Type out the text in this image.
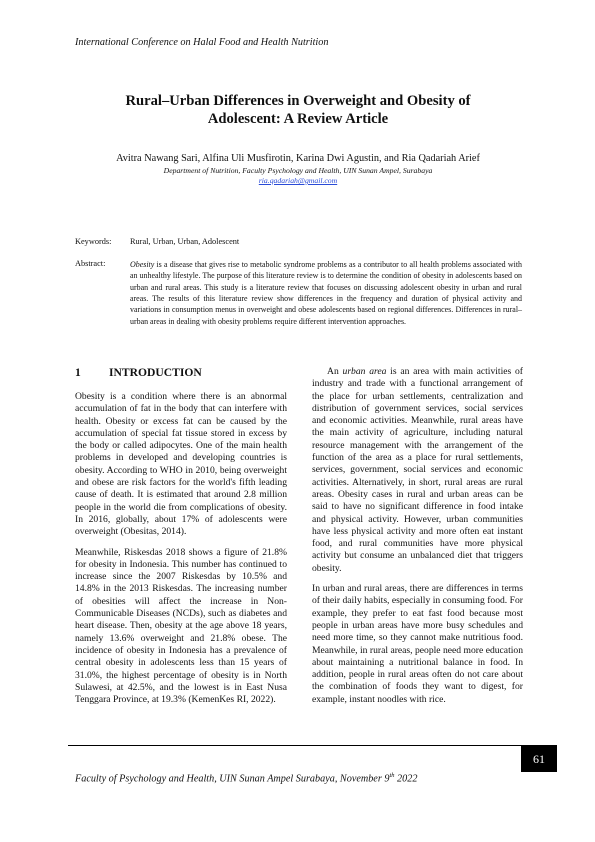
International Conference on Halal Food and Health Nutrition
Rural–Urban Differences in Overweight and Obesity of
Adolescent: A Review Article
Avitra Nawang Sari, Alfina Uli Musfirotin, Karina Dwi Agustin, and Ria Qadariah Arief
Department of Nutrition, Faculty Psychology and Health, UIN Sunan Ampel, Surabaya
ria.qadariah@gmail.com
Keywords: Rural, Urban, Urban, Adolescent
Abstract:	Obesity is a disease that gives rise to metabolic syndrome problems as a contributor to all health problems associated with an unhealthy lifestyle. The purpose of this literature review is to determine the condition of obesity in adolescents based on urban and rural areas. This study is a literature review that focuses on discussing adolescent obesity in urban and rural areas. The results of this literature review show differences in the frequency and duration of physical activity and variations in consumption menus in overweight and obese adolescents based on regional differences. Differences in rural–urban areas in dealing with obesity problems require different intervention approaches.
1 INTRODUCTION

Obesity is a condition where there is an abnormal accumulation of fat in the body that can interfere with health. Obesity or excess fat can be caused by the accumulation of special fat tissue stored in excess by the body or called adipocytes. One of the main health problems in developed and developing countries is obesity. According to WHO in 2010, being overweight and obese are risk factors for the world's fifth leading cause of death. It is estimated that around 2.8 million people in the world die from complications of obesity. In 2016, globally, about 17% of adolescents were overweight (Obesitas, 2014).

Meanwhile, Riskesdas 2018 shows a figure of 21.8% for obesity in Indonesia. This number has continued to increase since the 2007 Riskesdas by 10.5% and 14.8% in the 2013 Riskesdas. The increasing number of obesities will affect the increase in Non-Communicable Diseases (NCDs), such as diabetes and heart disease. Then, obesity at the age above 18 years, namely 13.6% overweight and 21.8% obese. The incidence of obesity in Indonesia has a prevalence of central obesity in adolescents less than 15 years of 31.0%, the highest percentage of obesity is in North Sulawesi, at 42.5%, and the lowest is in East Nusa Tenggara Province, at 19.3% (KemenKes RI, 2022).

An urban area is an area with main activities of industry and trade with a functional arrangement of the place for urban settlements, centralization and distribution of government services, social services and economic activities. Meanwhile, rural areas have the main activity of agriculture, including natural resource management with the arrangement of the function of the area as a place for rural settlements, services, government, social services and economic activities. Alternatively, in short, rural areas are rural areas. Obesity cases in rural and urban areas can be said to have no significant difference in food intake and physical activity. However, urban communities have less physical activity and more often eat instant food, and rural communities have more physical activity but consume an unbalanced diet that triggers obesity.

In urban and rural areas, there are differences in terms of their daily habits, especially in consuming food. For example, they prefer to eat fast food because most people in urban areas have more busy schedules and need more time, so they cannot make nutritious food. Meanwhile, in rural areas, people need more education about maintaining a nutritional balance in food. In addition, people in rural areas often do not care about the combination of foods they want to digest, for example, instant noodles with rice.

61
Faculty of Psychology and Health, UIN Sunan Ampel Surabaya, November 9th 2022
